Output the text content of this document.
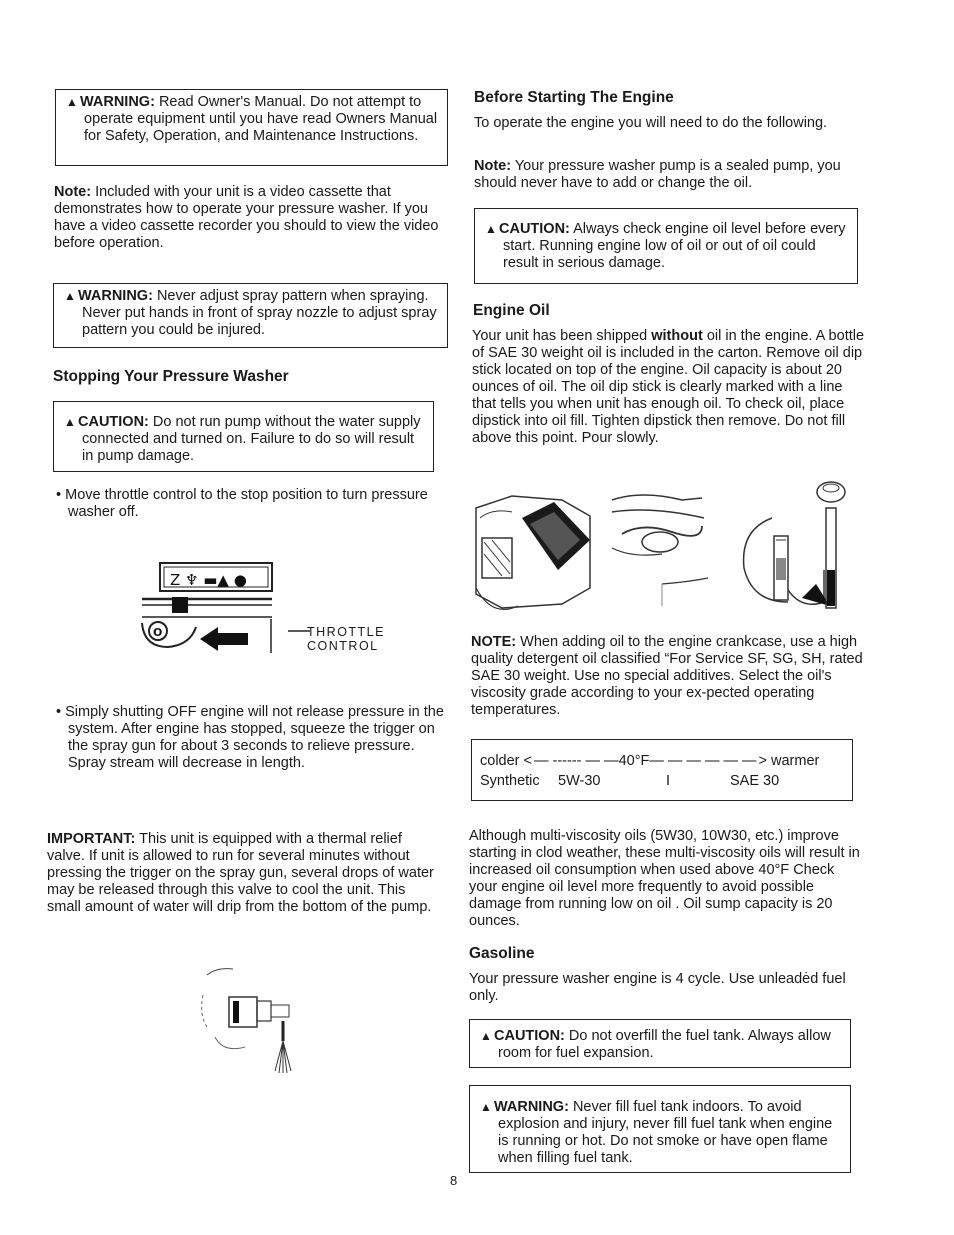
▲ WARNING: Read Owner's Manual. Do not attempt to operate equipment until you have read Owners Manual for Safety, Operation, and Maintenance Instructions.

Note: Included with your unit is a video cassette that demonstrates how to operate your pressure washer. If you have a video cassette recorder you should to view the video before operation.

▲ WARNING: Never adjust spray pattern when spraying. Never put hands in front of spray nozzle to adjust spray pattern you could be injured.
Stopping Your Pressure Washer
▲ CAUTION: Do not run pump without the water supply connected and turned on. Failure to do so will result in pump damage.

• Move throttle control to the stop position to turn pressure washer off.

Z ♆ ▬▲ ●
O	THROTTLE
CONTROL

• Simply shutting OFF engine will not release pressure in the system. After engine has stopped, squeeze the trigger on the spray gun for about 3 seconds to relieve pressure. Spray stream will decrease in length.

IMPORTANT: This unit is equipped with a thermal relief valve. If unit is allowed to run for several minutes without pressing the trigger on the spray gun, several drops of water may be released through this valve to cool the unit. This small amount of water will drip from the bottom of the pump.

Before Starting The Engine

To operate the engine you will need to do the following.

Note: Your pressure washer pump is a sealed pump, you should never have to add or change the oil.

▲ CAUTION: Always check engine oil level before every start. Running engine low of oil or out of oil could result in serious damage.
Engine Oil

Your unit has been shipped without oil in the engine. A bottle of SAE 30 weight oil is included in the carton. Remove oil dip stick located on top of the engine. Oil capacity is about 20 ounces of oil. The oil dip stick is clearly marked with a line that tells you when unit has enough oil. To check oil, place dipstick into oil fill. Tighten dipstick then remove. Do not fill above this point. Pour slowly.

NOTE: When adding oil to the engine crankcase, use a high quality detergent oil classified “For Service SF, SG, SH, rated SAE 30 weight. Use no special additives. Select the oil's viscosity grade according to your ex-pected operating temperatures.

colder < — ------ — — 40°F — — — — — — > warmer
Synthetic	5W-30	I	SAE 30

Although multi-viscosity oils (5W30, 10W30, etc.) improve starting in clod weather, these multi-viscosity oils will result in increased oil consumption when used above 40°F Check your engine oil level more frequently to avoid possible damage from running low on oil . Oil sump capacity is 20 ounces.

Gasoline

Your pressure washer engine is 4 cycle. Use unleadėd fuel only.

▲ CAUTION: Do not overfill the fuel tank. Always allow room for fuel expansion.
▲ WARNING: Never fill fuel tank indoors. To avoid explosion and injury, never fill fuel tank when engine is running or hot. Do not smoke or have open flame when filling fuel tank.
8
